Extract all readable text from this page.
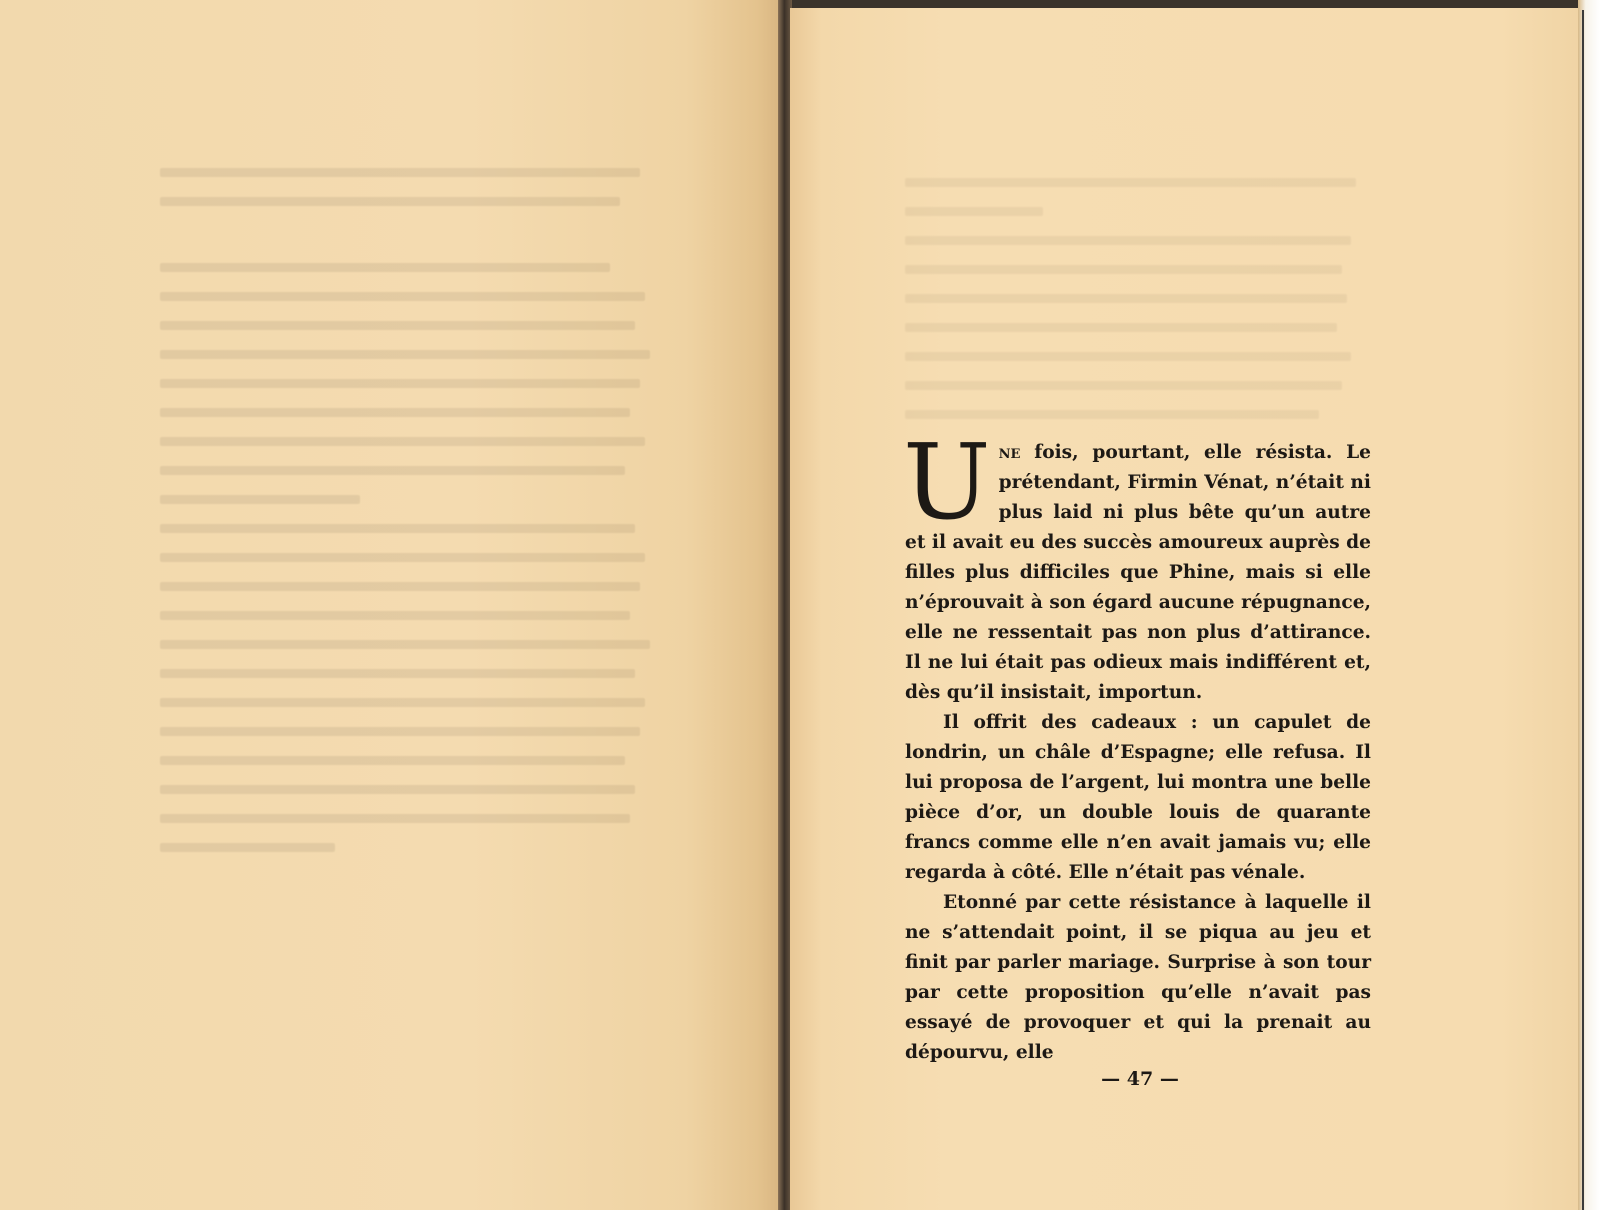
Une fois, pourtant, elle résista. Le prétendant, Firmin Vénat, n’était ni plus laid ni plus bête qu’un autre et il avait eu des succès amoureux auprès de filles plus difficiles que Phine, mais si elle n’éprouvait à son égard aucune répugnance, elle ne ressentait pas non plus d’attirance. Il ne lui était pas odieux mais indifférent et, dès qu’il insistait, importun.

Il offrit des cadeaux : un capulet de londrin, un châle d’Espagne; elle refusa. Il lui proposa de l’argent, lui montra une belle pièce d’or, un double louis de quarante francs comme elle n’en avait jamais vu; elle regarda à côté. Elle n’était pas vénale.

Etonné par cette résistance à laquelle il ne s’attendait point, il se piqua au jeu et finit par parler mariage. Surprise à son tour par cette proposition qu’elle n’avait pas essayé de provoquer et qui la prenait au dépourvu, elle

— 47 —
